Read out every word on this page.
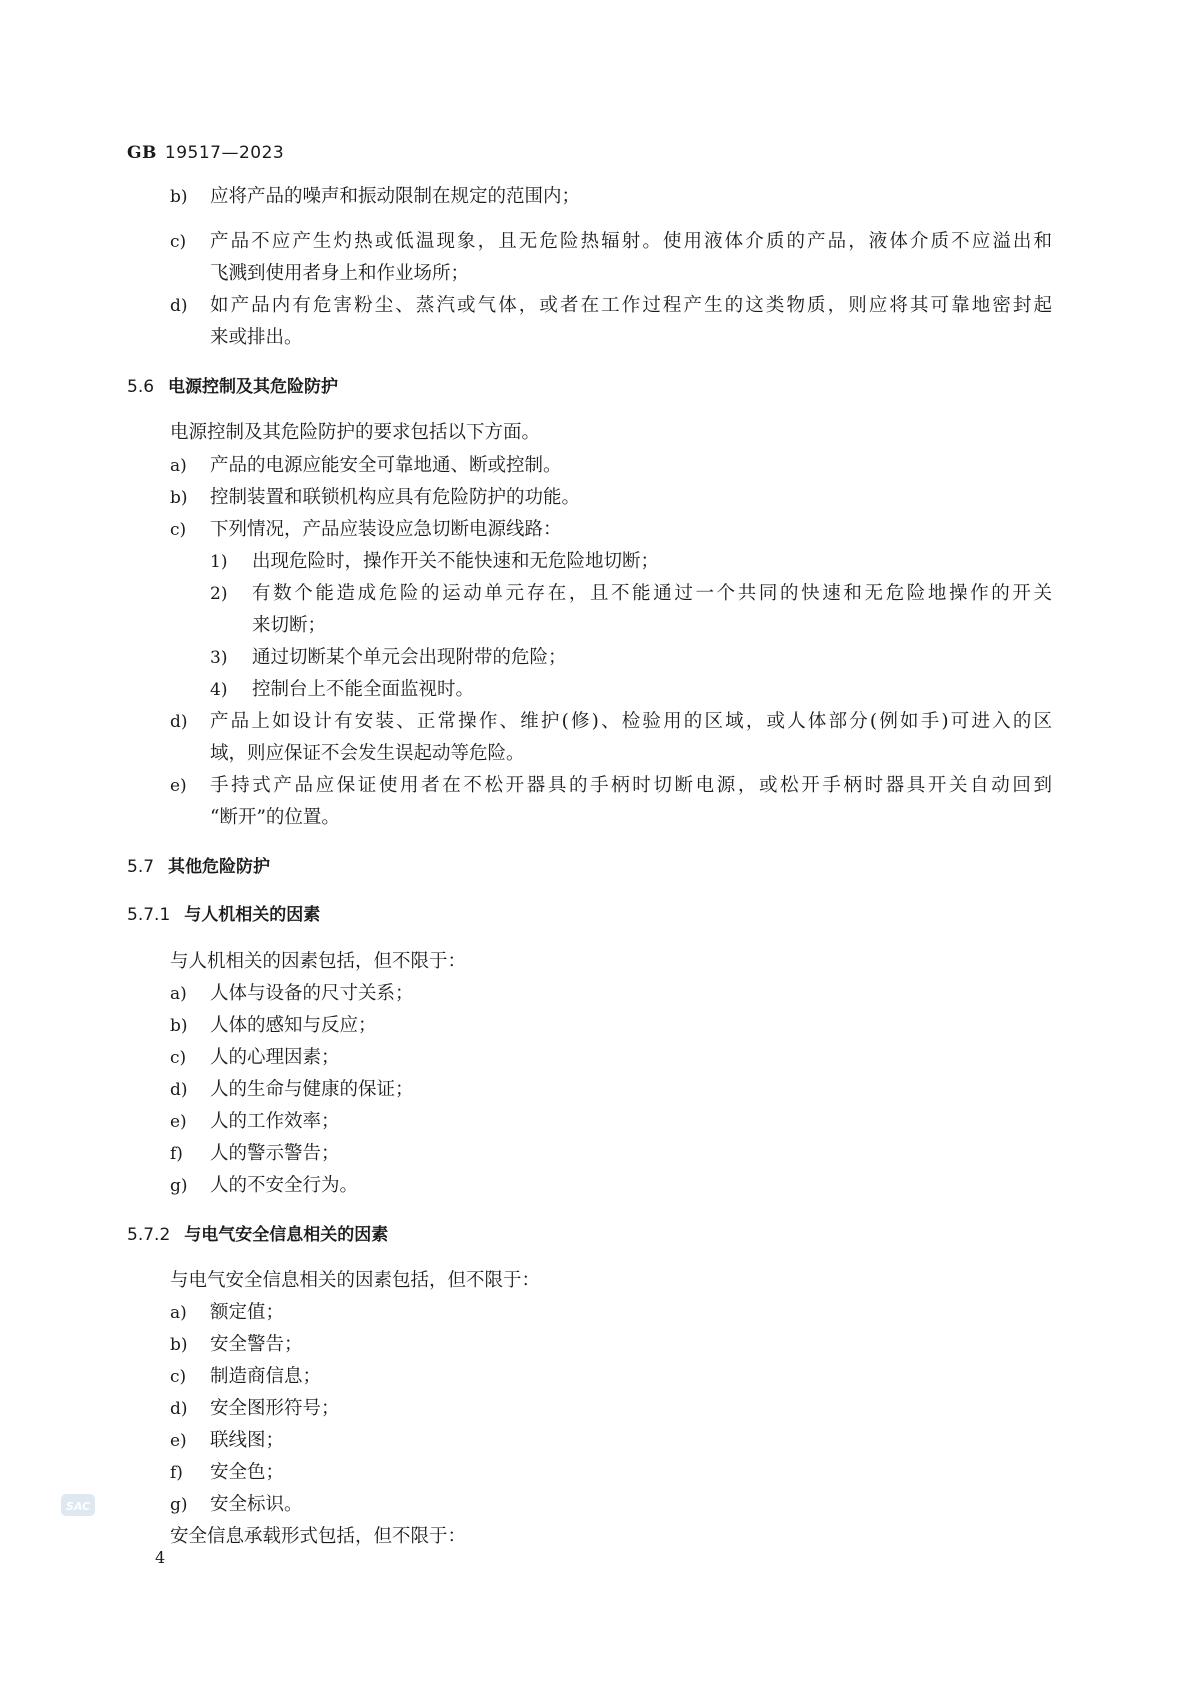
GB 19517—2023
b) 应将产品的噪声和振动限制在规定的范围内；
c) 产品不应产生灼热或低温现象，且无危险热辐射。使用液体介质的产品，液体介质不应溢出和
飞溅到使用者身上和作业场所；
d) 如产品内有危害粉尘、蒸汽或气体，或者在工作过程产生的这类物质，则应将其可靠地密封起
来或排出。
5.6 电源控制及其危险防护
电源控制及其危险防护的要求包括以下方面。
a) 产品的电源应能安全可靠地通、断或控制。
b) 控制装置和联锁机构应具有危险防护的功能。
c) 下列情况，产品应装设应急切断电源线路：
1) 出现危险时，操作开关不能快速和无危险地切断；
2) 有数个能造成危险的运动单元存在，且不能通过一个共同的快速和无危险地操作的开关
来切断；
3) 通过切断某个单元会出现附带的危险；
4) 控制台上不能全面监视时。
d) 产品上如设计有安装、正常操作、维护(修)、检验用的区域，或人体部分(例如手)可进入的区
域，则应保证不会发生误起动等危险。
e) 手持式产品应保证使用者在不松开器具的手柄时切断电源，或松开手柄时器具开关自动回到
“断开”的位置。
5.7 其他危险防护
5.7.1 与人机相关的因素
与人机相关的因素包括，但不限于：
a) 人体与设备的尺寸关系；
b) 人体的感知与反应；
c) 人的心理因素；
d) 人的生命与健康的保证；
e) 人的工作效率；
f) 人的警示警告；
g) 人的不安全行为。
5.7.2 与电气安全信息相关的因素
与电气安全信息相关的因素包括，但不限于：
a) 额定值；
b) 安全警告；
c) 制造商信息；
d) 安全图形符号；
e) 联线图；
f) 安全色；
g) 安全标识。
安全信息承载形式包括，但不限于：
SAC
4
